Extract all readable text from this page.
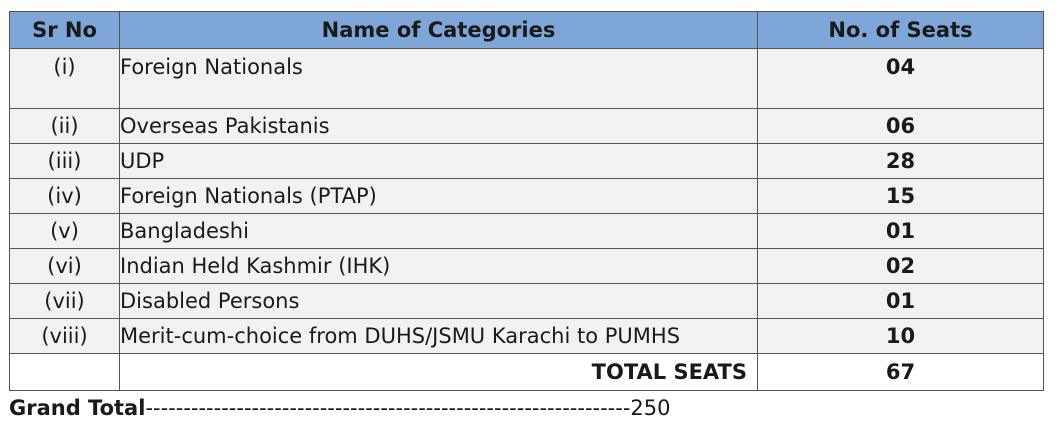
Sr No	Name of Categories	No. of Seats
(i)	Foreign Nationals	04
(ii)	Overseas Pakistanis	06
(iii)	UDP	28
(iv)	Foreign Nationals (PTAP)	15
(v)	Bangladeshi	01
(vi)	Indian Held Kashmir (IHK)	02
(vii)	Disabled Persons	01
(viii)	Merit-cum-choice from DUHS/JSMU Karachi to PUMHS	10
	TOTAL SEATS	67
Grand Total----------------------------------------------------------------250
